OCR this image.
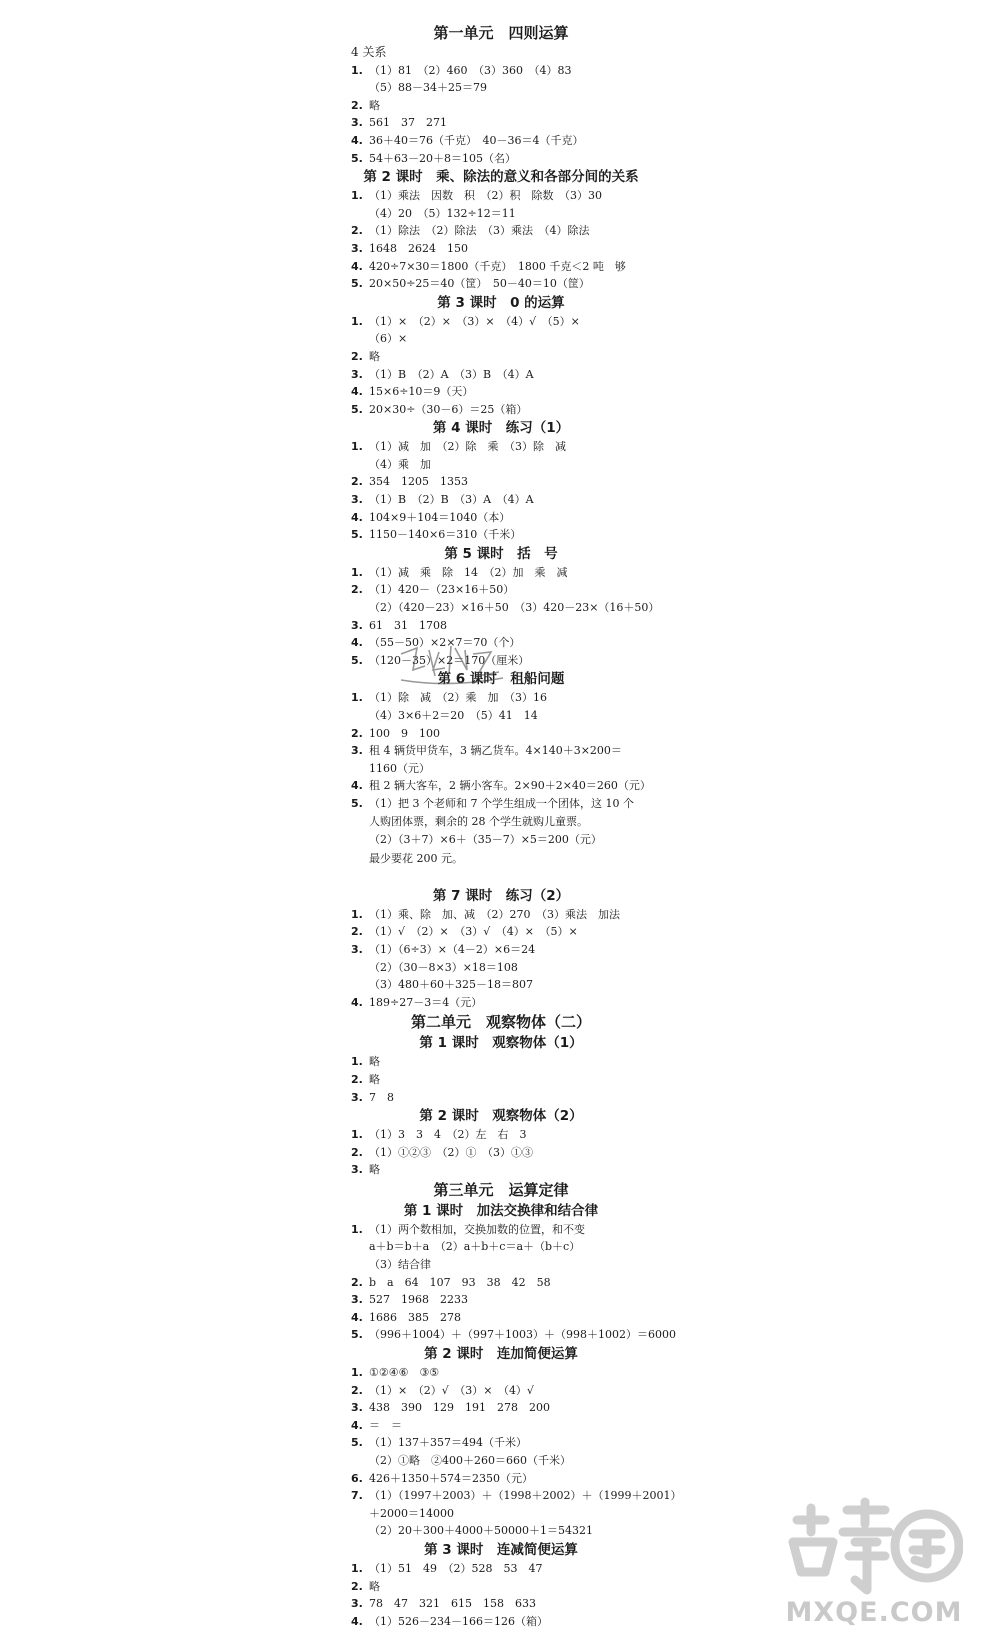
第一单元　四则运算
4 关系
1. （1）81　（2）460　（3）360　（4）83
（5）88－34＋25＝79
2. 略
3. 561　37　271
4. 36＋40＝76（千克）　40－36＝4（千克）
5. 54＋63－20＋8＝105（名）
第 2 课时　乘、除法的意义和各部分间的关系
1. （1）乘法　因数　积　（2）积　除数　（3）30
（4）20　（5）132÷12＝11
2. （1）除法　（2）除法　（3）乘法　（4）除法
3. 1648　2624　150
4. 420÷7×30＝1800（千克）　1800 千克＜2 吨　够
5. 20×50÷25＝40（筐）　50－40＝10（筐）
第 3 课时　0 的运算
1. （1）×　（2）×　（3）×　（4）√　（5）×
（6）×
2. 略
3. （1）B　（2）A　（3）B　（4）A
4. 15×6÷10＝9（天）
5. 20×30÷（30－6）＝25（箱）
第 4 课时　练习（1）
1. （1）减　加　（2）除　乘　（3）除　减
（4）乘　加
2. 354　1205　1353
3. （1）B　（2）B　（3）A　（4）A
4. 104×9＋104＝1040（本）
5. 1150－140×6＝310（千米）
第 5 课时　括　号
1. （1）减　乘　除　14　（2）加　乘　减
2. （1）420－（23×16＋50）
（2）（420－23）×16＋50　（3）420－23×（16＋50）
3. 61　31　1708
4. （55－50）×2×7＝70（个）
5. （120－35）×2＝170（厘米）
第 6 课时　租船问题
1. （1）除　减　（2）乘　加　（3）16
（4）3×6＋2＝20　（5）41　14
2. 100　9　100
3. 租 4 辆货甲货车，3 辆乙货车。4×140＋3×200＝
1160（元）
4. 租 2 辆大客车，2 辆小客车。2×90＋2×40＝260（元）
5. （1）把 3 个老师和 7 个学生组成一个团体，这 10 个
人购团体票，剩余的 28 个学生就购儿童票。
（2）（3＋7）×6＋（35－7）×5＝200（元）
最少要花 200 元。
第 7 课时　练习（2）
1. （1）乘、除　加、减　（2）270　（3）乘法　加法
2. （1）√　（2）×　（3）√　（4）×　（5）×
3. （1）（6÷3）×（4－2）×6＝24
（2）（30－8×3）×18＝108
（3）480＋60＋325－18＝807
4. 189÷27－3＝4（元）
第二单元　观察物体（二）
第 1 课时　观察物体（1）
1. 略
2. 略
3. 7　8
第 2 课时　观察物体（2）
1. （1）3　3　4　（2）左　右　3
2. （1）①②③　（2）①　（3）①③
3. 略
第三单元　运算定律
第 1 课时　加法交换律和结合律
1. （1）两个数相加，交换加数的位置，和不变
a＋b＝b＋a　（2）a＋b＋c＝a＋（b＋c）
（3）结合律
2. b　a　64　107　93　38　42　58
3. 527　1968　2233
4. 1686　385　278
5. （996＋1004）＋（997＋1003）＋（998＋1002）＝6000
第 2 课时　连加简便运算
1. ①②④⑥　③⑤
2. （1）×　（2）√　（3）×　（4）√
3. 438　390　129　191　278　200
4. ＝　＝
5. （1）137＋357＝494（千米）
（2）①略　②400＋260＝660（千米）
6. 426＋1350＋574＝2350（元）
7. （1）（1997＋2003）＋（1998＋2002）＋（1999＋2001）
＋2000＝14000
（2）20＋300＋4000＋50000＋1＝54321
第 3 课时　连减简便运算
1. （1）51　49　（2）528　53　47
2. 略
3. 78　47　321　615　158　633
4. （1）526－234－166＝126（箱）	MXQE.COM
